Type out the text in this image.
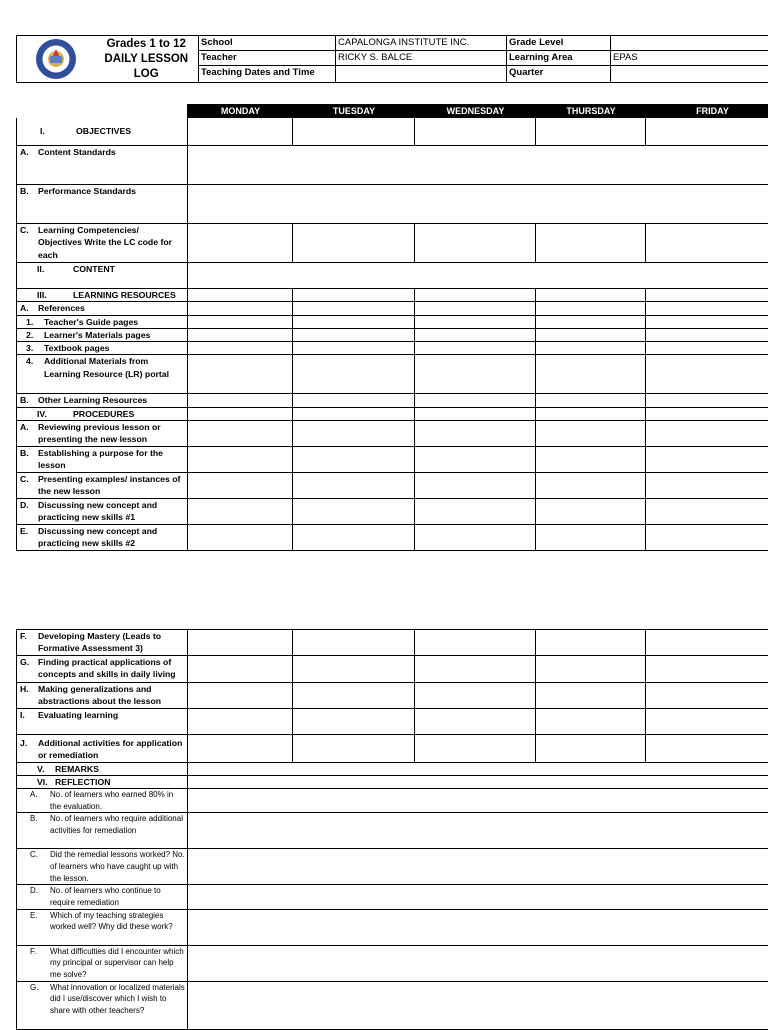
Grades 1 to 12
DAILY LESSON
LOG	School	CAPALONGA INSTITUTE INC.	Grade Level	
		Teacher	RICKY S. BALCE	Learning Area	EPAS
		Teaching Dates and Time		Quarter	
	MONDAY	TUESDAY	WEDNESDAY	THURSDAY	FRIDAY

I. OBJECTIVES					

A. Content Standards					

B. Performance Standards					

C. Learning Competencies/ Objectives Write the LC code for each					

II. CONTENT					

III. LEARNING RESOURCES					

A. References					

1. Teacher's Guide pages					

2. Learner's Materials pages					

3. Textbook pages					

4. Additional Materials from Learning Resource (LR) portal					

B. Other Learning Resources					

IV. PROCEDURES					

A. Reviewing previous lesson or presenting the new lesson					

B. Establishing a purpose for the lesson					

C. Presenting examples/ instances of the new lesson					

D. Discussing new concept and practicing new skills #1					

E. Discussing new concept and practicing new skills #2					

F. Developing Mastery (Leads to Formative Assessment 3)					

G. Finding practical applications of concepts and skills in daily living					

H. Making generalizations and abstractions about the lesson					

I. Evaluating learning					

J. Additional activities for application or remediation					

V. REMARKS					

VI. REFLECTION					

A. No. of learners who earned 80% in the evaluation.					

B. No. of learners who require additional activities for remediation					

C. Did the remedial lessons worked? No. of learners who have caught up with the lesson.					

D. No. of learners who continue to require remediation					

E. Which of my teaching strategies worked well? Why did these work?					

F. What difficulties did I encounter which my principal or supervisor can help me solve?					

G. What innovation or localized materials did I use/discover which I wish to share with other teachers?					
